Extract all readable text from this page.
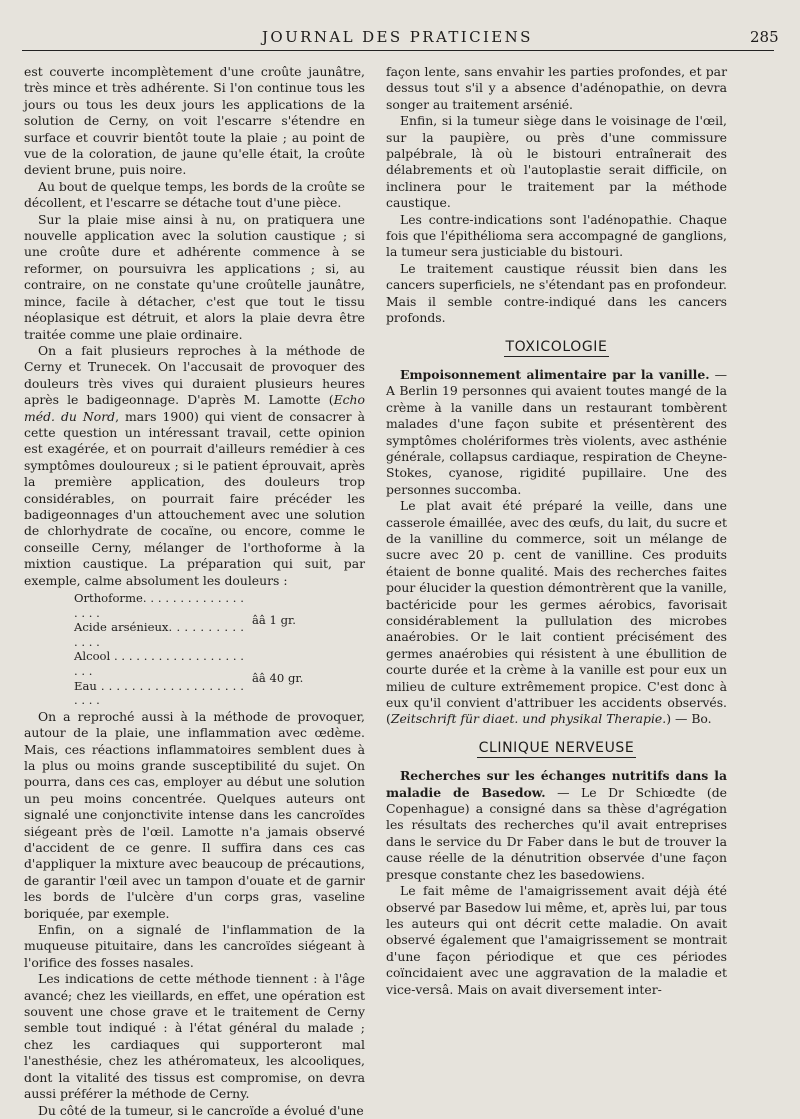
JOURNAL DES PRATICIENS	285

est couverte incomplètement d'une croûte jaunâtre, très mince et très adhérente. Si l'on continue tous les jours ou tous les deux jours les applications de la solution de Cerny, on voit l'escarre s'étendre en surface et couvrir bientôt toute la plaie ; au point de vue de la coloration, de jaune qu'elle était, la croûte devient brune, puis noire.

Au bout de quelque temps, les bords de la croûte se décollent, et l'escarre se détache tout d'une pièce.

Sur la plaie mise ainsi à nu, on pratiquera une nouvelle application avec la solution caustique ; si une croûte dure et adhérente commence à se reformer, on poursuivra les applications ; si, au contraire, on ne constate qu'une croûtelle jaunâtre, mince, facile à détacher, c'est que tout le tissu néoplasique est détruit, et alors la plaie devra être traitée comme une plaie ordinaire.

On a fait plusieurs reproches à la méthode de Cerny et Trunecek. On l'accusait de provoquer des douleurs très vives qui duraient plusieurs heures après le badigeonnage. D'après M. Lamotte (Echo méd. du Nord, mars 1900) qui vient de consacrer à cette question un intéressant travail, cette opinion est exagérée, et on pourrait d'ailleurs remédier à ces symptômes douloureux ; si le patient éprouvait, après la première application, des douleurs trop considérables, on pourrait faire précéder les badigeonnages d'un attouchement avec une solution de chlorhydrate de cocaïne, ou encore, comme le conseille Cerny, mélanger de l'orthoforme à la mixtion caustique. La préparation qui suit, par exemple, calme absolument les douleurs :

Orthoforme. . . . . . . . . . . . . . . . . .
Acide arsénieux. . . . . . . . . . . . . .
ââ 1 gr.
Alcool . . . . . . . . . . . . . . . . . . . . .
Eau . . . . . . . . . . . . . . . . . . . . . . .
ââ 40 gr.

On a reproché aussi à la méthode de provoquer, autour de la plaie, une inflammation avec œdème. Mais, ces réactions inflammatoires semblent dues à la plus ou moins grande susceptibilité du sujet. On pourra, dans ces cas, employer au début une solution un peu moins concentrée. Quelques auteurs ont signalé une conjonctivite intense dans les cancroïdes siégeant près de l'œil. Lamotte n'a jamais observé d'accident de ce genre. Il suffira dans ces cas d'appliquer la mixture avec beaucoup de précautions, de garantir l'œil avec un tampon d'ouate et de garnir les bords de l'ulcère d'un corps gras, vaseline boriquée, par exemple.

Enfin, on a signalé de l'inflammation de la muqueuse pituitaire, dans les cancroïdes siégeant à l'orifice des fosses nasales.

Les indications de cette méthode tiennent : à l'âge avancé; chez les vieillards, en effet, une opération est souvent une chose grave et le traitement de Cerny semble tout indiqué : à l'état général du malade ; chez les cardiaques qui supporteront mal l'anesthésie, chez les athéromateux, les alcooliques, dont la vitalité des tissus est compromise, on devra aussi préférer la méthode de Cerny.

Du côté de la tumeur, si le cancroïde a évolué d'une

façon lente, sans envahir les parties profondes, et par dessus tout s'il y a absence d'adénopathie, on devra songer au traitement arsénié.

Enfin, si la tumeur siège dans le voisinage de l'œil, sur la paupière, ou près d'une commissure palpébrale, là où le bistouri entraînerait des délabrements et où l'autoplastie serait difficile, on inclinera pour le traitement par la méthode caustique.

Les contre-indications sont l'adénopathie. Chaque fois que l'épithélioma sera accompagné de ganglions, la tumeur sera justiciable du bistouri.

Le traitement caustique réussit bien dans les cancers superficiels, ne s'étendant pas en profondeur. Mais il semble contre-indiqué dans les cancers profonds.

TOXICOLOGIE

Empoisonnement alimentaire par la vanille. — A Berlin 19 personnes qui avaient toutes mangé de la crème à la vanille dans un restaurant tombèrent malades d'une façon subite et présentèrent des symptômes cholériformes très violents, avec asthénie générale, collapsus cardiaque, respiration de Cheyne-Stokes, cyanose, rigidité pupillaire. Une des personnes succomba.

Le plat avait été préparé la veille, dans une casserole émaillée, avec des œufs, du lait, du sucre et de la vanilline du commerce, soit un mélange de sucre avec 20 p. cent de vanilline. Ces produits étaient de bonne qualité. Mais des recherches faites pour élucider la question démontrèrent que la vanille, bactéricide pour les germes aérobics, favorisait considérablement la pullulation des microbes anaérobies. Or le lait contient précisément des germes anaérobies qui résistent à une ébullition de courte durée et la crème à la vanille est pour eux un milieu de culture extrêmement propice. C'est donc à eux qu'il convient d'attribuer les accidents observés. (Zeitschrift für diaet. und physikal Therapie.) — Bo.

CLINIQUE NERVEUSE

Recherches sur les échanges nutritifs dans la maladie de Basedow. — Le Dr Schiœdte (de Copenhague) a consigné dans sa thèse d'agrégation les résultats des recherches qu'il avait entreprises dans le service du Dr Faber dans le but de trouver la cause réelle de la dénutrition observée d'une façon presque constante chez les basedowiens.

Le fait même de l'amaigrissement avait déjà été observé par Basedow lui même, et, après lui, par tous les auteurs qui ont décrit cette maladie. On avait observé également que l'amaigrissement se montrait d'une façon périodique et que ces périodes coïncidaient avec une aggravation de la maladie et vice-versâ. Mais on avait diversement inter-
